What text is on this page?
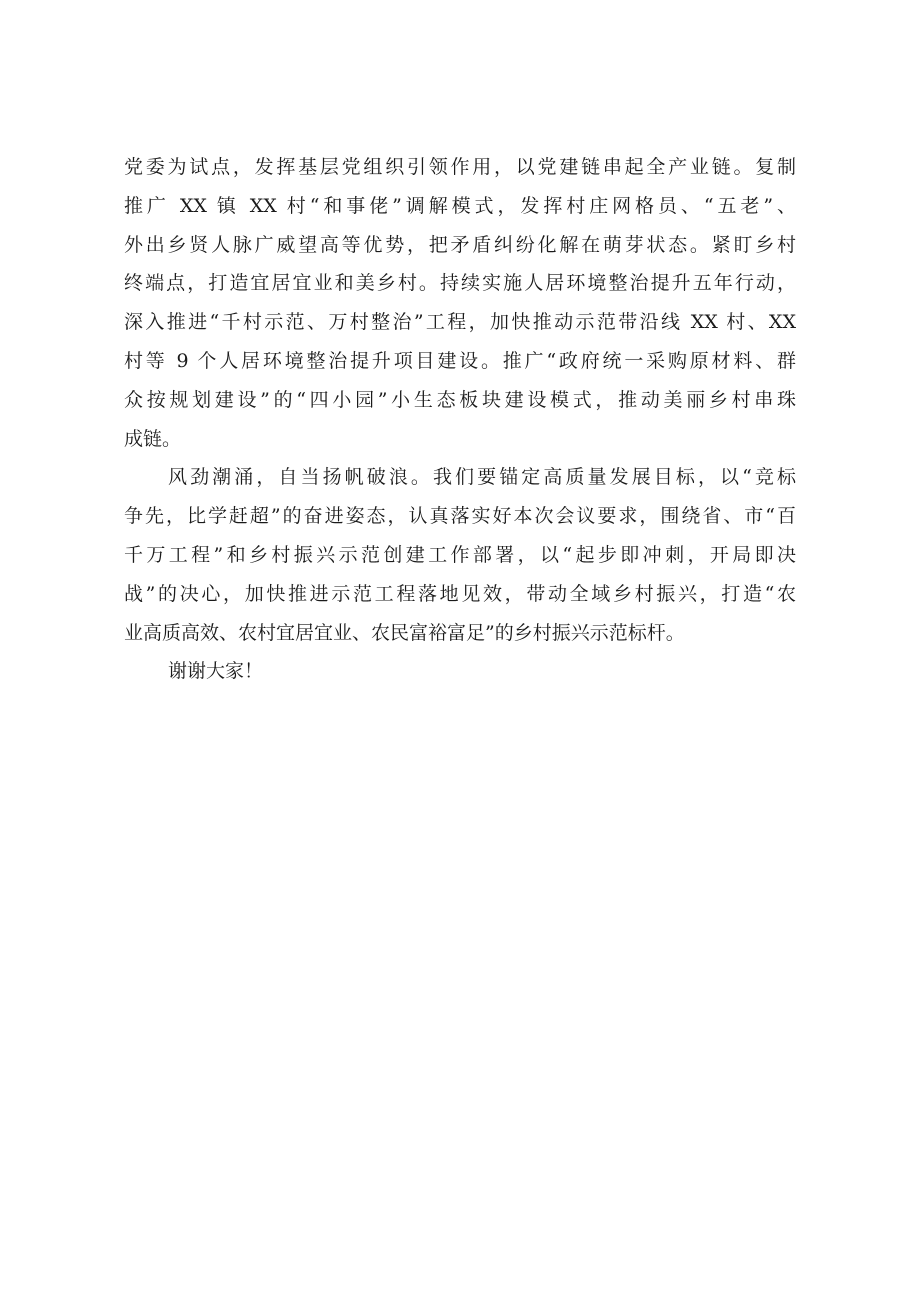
党委为试点，发挥基层党组织引领作用，以党建链串起全产业链。复制
推广 XX 镇 XX 村“和事佬”调解模式，发挥村庄网格员、“五老”、
外出乡贤人脉广威望高等优势，把矛盾纠纷化解在萌芽状态。紧盯乡村
终端点，打造宜居宜业和美乡村。持续实施人居环境整治提升五年行动，
深入推进“千村示范、万村整治”工程，加快推动示范带沿线 XX 村、XX
村等 9 个人居环境整治提升项目建设。推广“政府统一采购原材料、群
众按规划建设”的“四小园”小生态板块建设模式，推动美丽乡村串珠
成链。
风劲潮涌，自当扬帆破浪。我们要锚定高质量发展目标，以“竞标
争先，比学赶超”的奋进姿态，认真落实好本次会议要求，围绕省、市“百
千万工程”和乡村振兴示范创建工作部署，以“起步即冲刺，开局即决
战”的决心，加快推进示范工程落地见效，带动全域乡村振兴，打造“农
业高质高效、农村宜居宜业、农民富裕富足”的乡村振兴示范标杆。
谢谢大家！
